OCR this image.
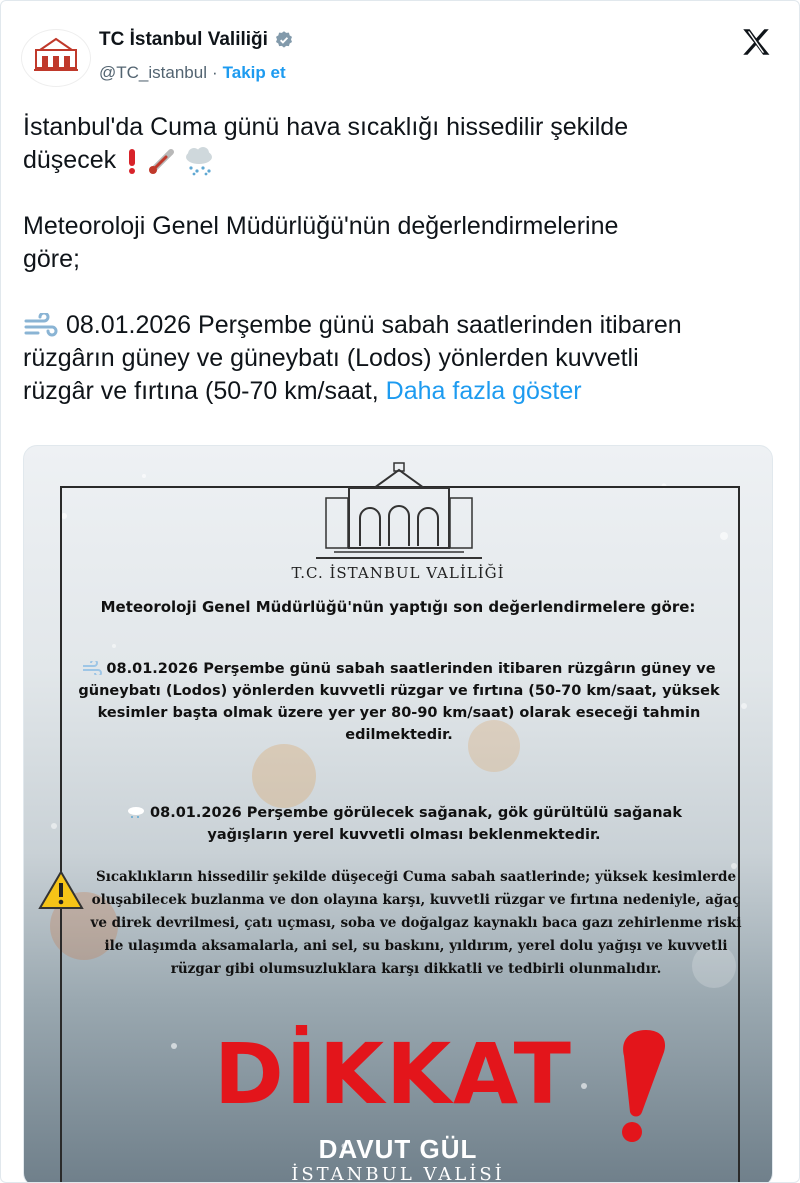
TC İstanbul Valiliği
@TC_istanbul · Takip et

İstanbul'da Cuma günü hava sıcaklığı hissedilir şekilde

düşecek

Meteoroloji Genel Müdürlüğü'nün değerlendirmelerine

göre;

08.01.2026 Perşembe günü sabah saatlerinden itibaren

rüzgârın güney ve güneybatı (Lodos) yönlerden kuvvetli

rüzgâr ve fırtına (50-70 km/saat, Daha fazla göster

T.C. İSTANBUL VALİLİĞİ
Meteoroloji Genel Müdürlüğü'nün yaptığı son değerlendirmelere göre:
08.01.2026 Perşembe günü sabah saatlerinden itibaren rüzgârın güney ve güneybatı (Lodos) yönlerden kuvvetli rüzgar ve fırtına (50-70 km/saat, yüksek kesimler başta olmak üzere yer yer 80-90 km/saat) olarak eseceği tahmin edilmektedir.
08.01.2026 Perşembe görülecek sağanak, gök gürültülü sağanak yağışların yerel kuvvetli olması beklenmektedir.
Sıcaklıkların hissedilir şekilde düşeceği Cuma sabah saatlerinde; yüksek kesimlerde oluşabilecek buzlanma ve don olayına karşı, kuvvetli rüzgar ve fırtına nedeniyle, ağaç ve direk devrilmesi, çatı uçması, soba ve doğalgaz kaynaklı baca gazı zehirlenme riski ile ulaşımda aksamalarla, ani sel, su baskını, yıldırım, yerel dolu yağışı ve kuvvetli rüzgar gibi olumsuzluklara karşı dikkatli ve tedbirli olunmalıdır.
DİKKAT
DAVUT GÜL
İSTANBUL VALİSİ
